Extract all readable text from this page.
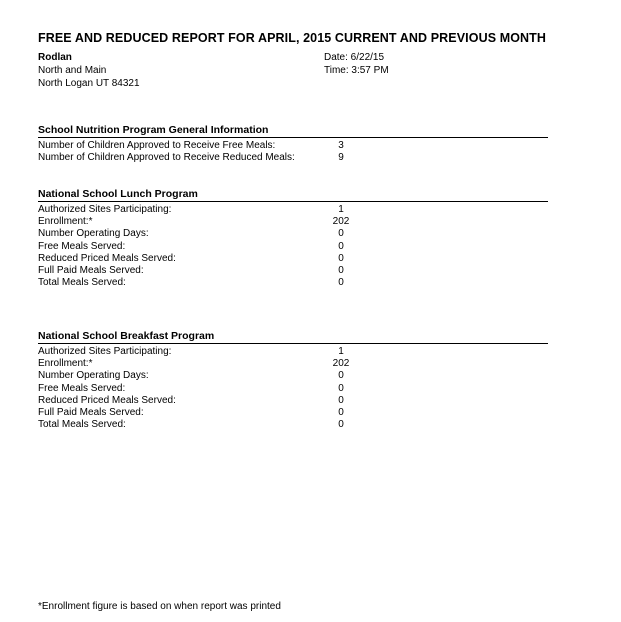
FREE AND REDUCED REPORT FOR APRIL, 2015 CURRENT AND PREVIOUS MONTH
Rodlan
North and Main
North Logan UT 84321
Date: 6/22/15
Time: 3:57 PM
School Nutrition Program General Information
Number of Children Approved to Receive Free Meals:	3
Number of Children Approved to Receive Reduced Meals:	9
National School Lunch Program
Authorized Sites Participating:	1
Enrollment:*	202
Number Operating Days:	0
Free Meals Served:	0
Reduced Priced Meals Served:	0
Full Paid Meals Served:	0
Total Meals Served:	0
National School Breakfast Program
Authorized Sites Participating:	1
Enrollment:*	202
Number Operating Days:	0
Free Meals Served:	0
Reduced Priced Meals Served:	0
Full Paid Meals Served:	0
Total Meals Served:	0
*Enrollment figure is based on when report was printed
